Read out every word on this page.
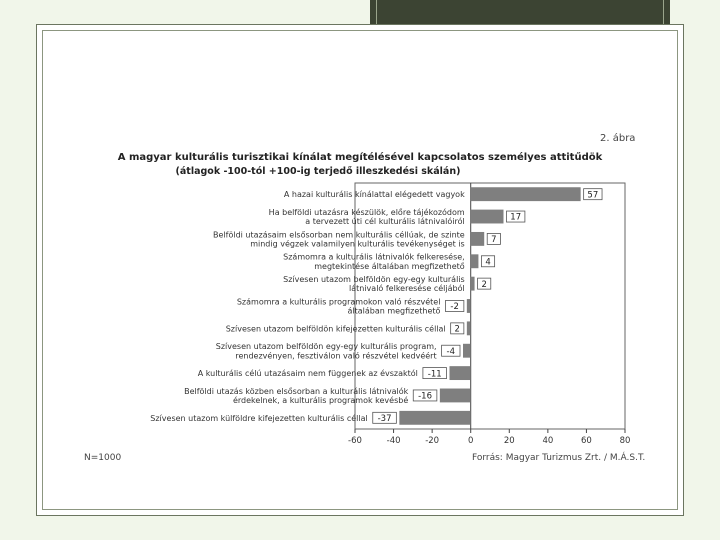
2. ábra
A magyar kulturális turisztikai kínálat megítélésével kapcsolatos személyes attitűdök
(átlagok -100-tól +100-ig terjedő illeszkedési skálán)
-60	-40	-20	0	20	40	60	80
57
A hazai kulturális kínálattal elégedett vagyok
17
Ha belföldi utazásra készülök, előre tájékozódom
a tervezett úti cél kulturális látnivalóiról
7
Belföldi utazásaim elsősorban nem kulturális céllúak, de szinte
mindig végzek valamilyen kulturális tevékenységet is
4
Számomra a kulturális látnivalók felkeresése,
megtekintése általában megfizethető
2
Szívesen utazom belföldön egy-egy kulturális
látnivaló felkeresése céljából
-2
Számomra a kulturális programokon való részvétel
általában megfizethető
2
Szívesen utazom belföldön kifejezetten kulturális céllal
-4
Szívesen utazom belföldön egy-egy kulturális program,
rendezvényen, fesztiválon való részvétel kedvéért
-11
A kulturális célú utazásaim nem függenek az évszaktól
-16
Belföldi utazás közben elsősorban a kulturális látnivalók
érdekelnek, a kulturális programok kevésbé
-37
Szívesen utazom külföldre kifejezetten kulturális céllal
N=1000	Forrás: Magyar Turizmus Zrt. / M.Á.S.T.
